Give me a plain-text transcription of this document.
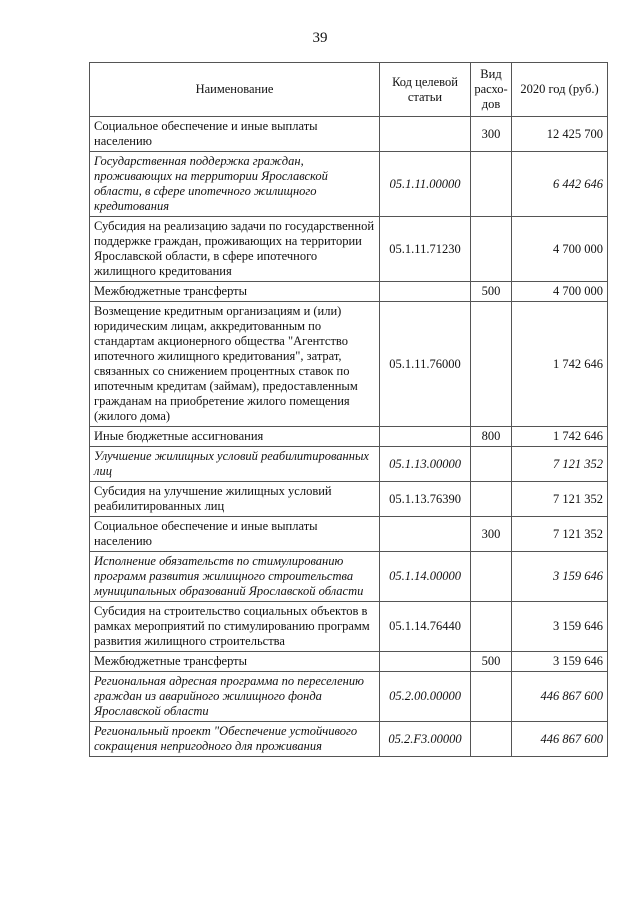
39
Наименование	Код целевой статьи	Вид расхо-дов	2020 год (руб.)
Социальное обеспечение и иные выплаты населению		300	12 425 700
Государственная поддержка граждан, проживающих на территории Ярославской области, в сфере ипотечного жилищного кредитования	05.1.11.00000		6 442 646
Субсидия на реализацию задачи по государственной поддержке граждан, проживающих на территории Ярославской области, в сфере ипотечного жилищного кредитования	05.1.11.71230		4 700 000
Межбюджетные трансферты		500	4 700 000
Возмещение кредитным организациям и (или) юридическим лицам, аккредитованным по стандартам акционерного общества "Агентство ипотечного жилищного кредитования", затрат, связанных со снижением процентных ставок по ипотечным кредитам (займам), предоставленным гражданам на приобретение жилого помещения (жилого дома)	05.1.11.76000		1 742 646
Иные бюджетные ассигнования		800	1 742 646
Улучшение жилищных условий реабилитированных лиц	05.1.13.00000		7 121 352
Субсидия на улучшение жилищных условий реабилитированных лиц	05.1.13.76390		7 121 352
Социальное обеспечение и иные выплаты населению		300	7 121 352
Исполнение обязательств по стимулированию программ развития жилищного строительства муниципальных образований Ярославской области	05.1.14.00000		3 159 646
Субсидия на строительство социальных объектов в рамках мероприятий по стимулированию программ развития жилищного строительства	05.1.14.76440		3 159 646
Межбюджетные трансферты		500	3 159 646
Региональная адресная программа по переселению граждан из аварийного жилищного фонда Ярославской области	05.2.00.00000		446 867 600
Региональный проект "Обеспечение устойчивого сокращения непригодного для проживания	05.2.F3.00000		446 867 600
